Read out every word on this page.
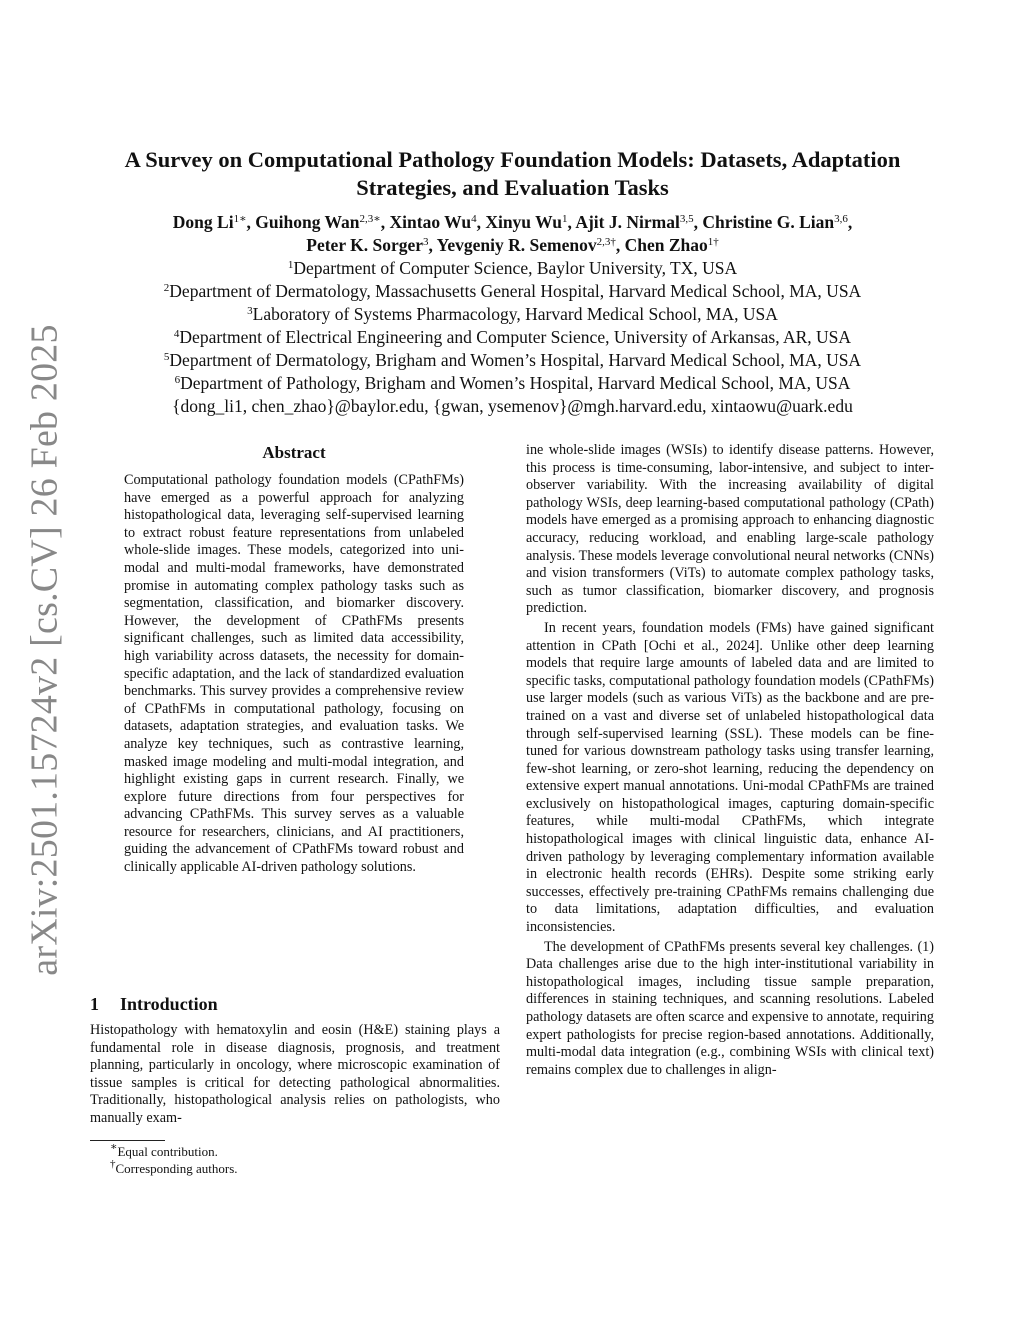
arXiv:2501.15724v2 [cs.CV] 26 Feb 2025
A Survey on Computational Pathology Foundation Models: Datasets, Adaptation
Strategies, and Evaluation Tasks
Dong $Li^{1∗}$, Guihong Wan$^{2,3∗}$, Xintao Wu$^4$, Xinyu Wu$^1$, Ajit J. Nirmal$^{3,5}$, Christine G. Lian$^{3,6}$,
Peter K. Sorger$^3$, Yevgeniy R. Semenov$^{2,3\dagger}$, Chen Zhao$^{1\dagger}$
$^1$Department of Computer Science, Baylor University, TX, USA
$^2$Department of Dermatology, Massachusetts General Hospital, Harvard Medical School, MA, USA
$^3$Laboratory of Systems Pharmacology, Harvard Medical School, MA, USA
$^4$Department of Electrical Engineering and Computer Science, University of Arkansas, AR, USA
$^5$Department of Dermatology, Brigham and Women’s Hospital, Harvard Medical School, MA, USA
$^6$Department of Pathology, Brigham and Women’s Hospital, Harvard Medical School, MA, USA
{dong_li1, chen_zhao}@baylor.edu, {gwan, ysemenov}@mgh.harvard.edu, xintaowu@uark.edu
Abstract

Computational pathology foundation models (CPathFMs) have emerged as a powerful approach for analyzing histopathological data, leveraging self-supervised learning to extract robust feature representations from unlabeled whole-slide images. These models, categorized into uni-modal and multi-modal frameworks, have demonstrated promise in automating complex pathology tasks such as segmentation, classification, and biomarker discovery. However, the development of CPathFMs presents significant challenges, such as limited data accessibility, high variability across datasets, the necessity for domain-specific adaptation, and the lack of standardized evaluation benchmarks. This survey provides a comprehensive review of CPathFMs in computational pathology, focusing on datasets, adaptation strategies, and evaluation tasks. We analyze key techniques, such as contrastive learning, masked image modeling and multi-modal integration, and highlight existing gaps in current research. Finally, we explore future directions from four perspectives for advancing CPathFMs. This survey serves as a valuable resource for researchers, clinicians, and AI practitioners, guiding the advancement of CPathFMs toward robust and clinically applicable AI-driven pathology solutions.

1 Introduction

Histopathology with hematoxylin and eosin (H&E) staining plays a fundamental role in disease diagnosis, prognosis, and treatment planning, particularly in oncology, where microscopic examination of tissue samples is critical for detecting pathological abnormalities. Traditionally, histopathological analysis relies on pathologists, who manually exam-

∗Equal contribution.
†Corresponding authors.

ine whole-slide images (WSIs) to identify disease patterns. However, this process is time-consuming, labor-intensive, and subject to inter-observer variability. With the increasing availability of digital pathology WSIs, deep learning-based computational pathology (CPath) models have emerged as a promising approach to enhancing diagnostic accuracy, reducing workload, and enabling large-scale pathology analysis. These models leverage convolutional neural networks (CNNs) and vision transformers (ViTs) to automate complex pathology tasks, such as tumor classification, biomarker discovery, and prognosis prediction.

In recent years, foundation models (FMs) have gained significant attention in CPath [Ochi et al., 2024]. Unlike other deep learning models that require large amounts of labeled data and are limited to specific tasks, computational pathology foundation models (CPathFMs) use larger models (such as various ViTs) as the backbone and are pre-trained on a vast and diverse set of unlabeled histopathological data through self-supervised learning (SSL). These models can be fine-tuned for various downstream pathology tasks using transfer learning, few-shot learning, or zero-shot learning, reducing the dependency on extensive expert manual annotations. Uni-modal CPathFMs are trained exclusively on histopathological images, capturing domain-specific features, while multi-modal CPathFMs, which integrate histopathological images with clinical linguistic data, enhance AI-driven pathology by leveraging complementary information available in electronic health records (EHRs). Despite some striking early successes, effectively pre-training CPathFMs remains challenging due to data limitations, adaptation difficulties, and evaluation inconsistencies.

The development of CPathFMs presents several key challenges. (1) Data challenges arise due to the high inter-institutional variability in histopathological images, including tissue sample preparation, differences in staining techniques, and scanning resolutions. Labeled pathology datasets are often scarce and expensive to annotate, requiring expert pathologists for precise region-based annotations. Additionally, multi-modal data integration (e.g., combining WSIs with clinical text) remains complex due to challenges in align-
